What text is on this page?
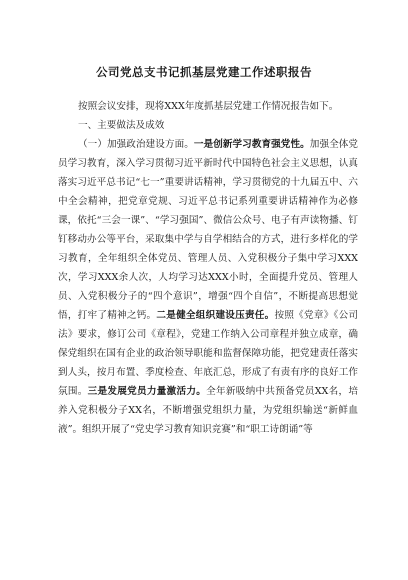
公司党总支书记抓基层党建工作述职报告
按照会议安排，现将XXX年度抓基层党建工作情况报告如下。
一、主要做法及成效
（一）加强政治建设方面。一是创新学习教育强党性。加强全体党员学习教育，深入学习贯彻习近平新时代中国特色社会主义思想，认真落实习近平总书记“七一”重要讲话精神，学习贯彻党的十九届五中、六中全会精神，把党章党规、习近平总书记系列重要讲话精神作为必修课，依托“三会一课”、“学习强国”、微信公众号、电子有声读物播、钉钉移动办公等平台，采取集中学与自学相结合的方式，进行多样化的学习教育，全年组织全体党员、管理人员、入党积极分子集中学习XXX次，学习XXX余人次，人均学习达XXX小时，全面提升党员、管理人员、入党积极分子的“四个意识”，增强“四个自信”，不断提高思想觉悟，打牢了精神之钙。二是健全组织建设压责任。按照《党章》《公司法》要求，修订公司《章程》，党建工作纳入公司章程并独立成章，确保党组织在国有企业的政治领导职能和监督保障功能，把党建责任落实到人头，按月布置、季度检查、年底汇总，形成了有责有序的良好工作氛围。三是发展党员力量激活力。全年新吸纳中共预备党员XX名，培养入党积极分子XX名，不断增强党组织力量，为党组织输送“新鲜血液”。组织开展了“党史学习教育知识竞赛”和“职工诗朗诵”等
